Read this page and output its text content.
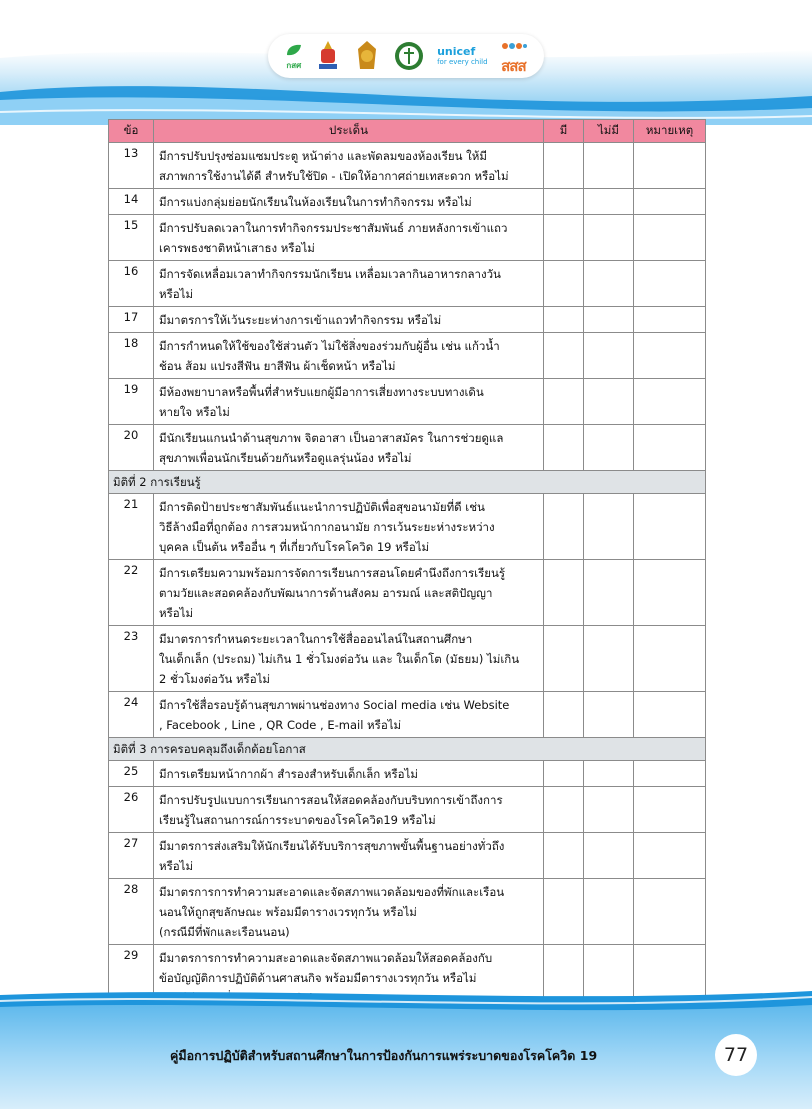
กสศ
unicef
for every child สสส
ข้อ	ประเด็น	มี	ไม่มี	หมายเหตุ
13	มีการปรับปรุงซ่อมแซมประตู หน้าต่าง และพัดลมของห้องเรียน ให้มี
สภาพการใช้งานได้ดี สำหรับใช้ปิด - เปิดให้อากาศถ่ายเทสะดวก หรือไม่			

14	มีการแบ่งกลุ่มย่อยนักเรียนในห้องเรียนในการทำกิจกรรม หรือไม่			

15	มีการปรับลดเวลาในการทำกิจกรรมประชาสัมพันธ์ ภายหลังการเข้าแถว
เคารพธงชาติหน้าเสาธง หรือไม่			

16	มีการจัดเหลื่อมเวลาทำกิจกรรมนักเรียน เหลื่อมเวลากินอาหารกลางวัน
หรือไม่			

17	มีมาตรการให้เว้นระยะห่างการเข้าแถวทำกิจกรรม หรือไม่			

18	มีการกำหนดให้ใช้ของใช้ส่วนตัว ไม่ใช้สิ่งของร่วมกับผู้อื่น เช่น แก้วน้ำ
ช้อน ส้อม แปรงสีฟัน ยาสีฟัน ผ้าเช็ดหน้า หรือไม่			

19	มีห้องพยาบาลหรือพื้นที่สำหรับแยกผู้มีอาการเสี่ยงทางระบบทางเดิน
หายใจ หรือไม่			

20	มีนักเรียนแกนนำด้านสุขภาพ จิตอาสา เป็นอาสาสมัคร ในการช่วยดูแล
สุขภาพเพื่อนนักเรียนด้วยกันหรือดูแลรุ่นน้อง หรือไม่			

มิติที่ 2 การเรียนรู้				
21	มีการติดป้ายประชาสัมพันธ์แนะนำการปฏิบัติเพื่อสุขอนามัยที่ดี เช่น
วิธีล้างมือที่ถูกต้อง การสวมหน้ากากอนามัย การเว้นระยะห่างระหว่าง
บุคคล เป็นต้น หรืออื่น ๆ ที่เกี่ยวกับโรคโควิด 19 หรือไม่			

22	มีการเตรียมความพร้อมการจัดการเรียนการสอนโดยคำนึงถึงการเรียนรู้
ตามวัยและสอดคล้องกับพัฒนาการด้านสังคม อารมณ์ และสติปัญญา
หรือไม่			

23	มีมาตรการกำหนดระยะเวลาในการใช้สื่อออนไลน์ในสถานศึกษา
ในเด็กเล็ก (ประถม) ไม่เกิน 1 ชั่วโมงต่อวัน และ ในเด็กโต (มัธยม) ไม่เกิน
2 ชั่วโมงต่อวัน หรือไม่			

24	มีการใช้สื่อรอบรู้ด้านสุขภาพผ่านช่องทาง Social media เช่น Website
, Facebook , Line , QR Code , E-mail หรือไม่			

มิติที่ 3 การครอบคลุมถึงเด็กด้อยโอกาส				
25	มีการเตรียมหน้ากากผ้า สำรองสำหรับเด็กเล็ก หรือไม่			

26	มีการปรับรูปแบบการเรียนการสอนให้สอดคล้องกับบริบทการเข้าถึงการ
เรียนรู้ในสถานการณ์การระบาดของโรคโควิด19 หรือไม่			

27	มีมาตรการส่งเสริมให้นักเรียนได้รับบริการสุขภาพขั้นพื้นฐานอย่างทั่วถึง
หรือไม่			

28	มีมาตรการการทำความสะอาดและจัดสภาพแวดล้อมของที่พักและเรือน
นอนให้ถูกสุขลักษณะ พร้อมมีตารางเวรทุกวัน หรือไม่
(กรณีมีที่พักและเรือนนอน)			

29	มีมาตรการการทำความสะอาดและจัดสภาพแวดล้อมให้สอดคล้องกับ
ข้อบัญญัติการปฏิบัติด้านศาสนกิจ พร้อมมีตารางเวรทุกวัน หรือไม่			

คู่มือการปฏิบัติสำหรับสถานศึกษาในการป้องกันการแพร่ระบาดของโรคโควิด 19	77
